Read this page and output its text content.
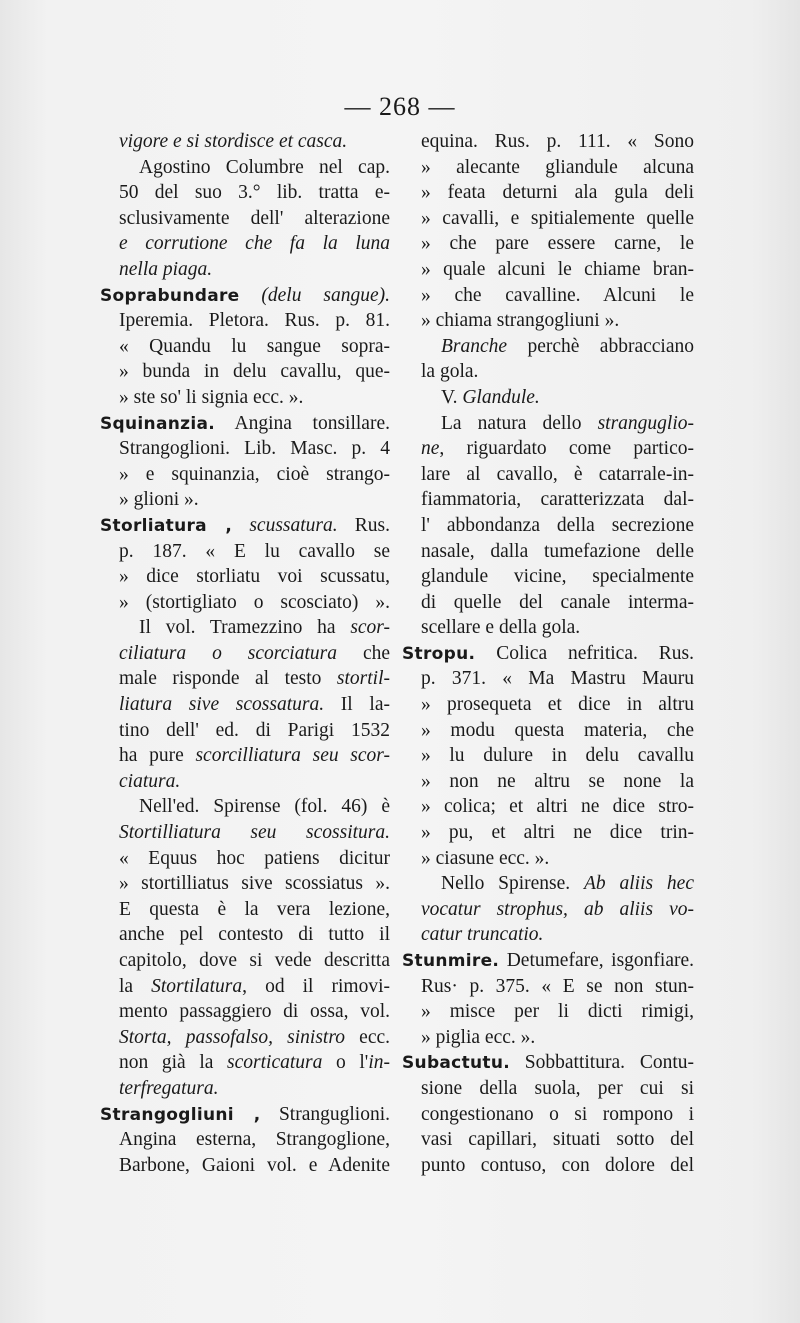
— 268 —
vigore e si stordisce et casca.
Agostino Columbre nel cap.
50 del suo 3.° lib. tratta e-
sclusivamente dell' alterazione
e corrutione che fa la luna
nella piaga.
Soprabundare (delu sangue).
Iperemia. Pletora. Rus. p. 81.
« Quandu lu sangue sopra-
» bunda in delu cavallu, que-
» ste so' li signia ecc. ».
Squinanzia. Angina tonsillare.
Strangoglioni. Lib. Masc. p. 4
» e squinanzia, cioè strango-
» glioni ».
Storliatura , scussatura. Rus.
p. 187. « E lu cavallo se
» dice storliatu voi scussatu,
» (stortigliato o scosciato) ».
Il vol. Tramezzino ha scor-
ciliatura o scorciatura che
male risponde al testo stortil-
liatura sive scossatura. Il la-
tino dell' ed. di Parigi 1532
ha pure scorcilliatura seu scor-
ciatura.
Nell'ed. Spirense (fol. 46) è
Stortilliatura seu scossitura.
« Equus hoc patiens dicitur
» stortilliatus sive scossiatus ».
E questa è la vera lezione,
anche pel contesto di tutto il
capitolo, dove si vede descritta
la Stortilatura, od il rimovi-
mento passaggiero di ossa, vol.
Storta, passofalso, sinistro ecc.
non già la scorticatura o l'in-
terfregatura.
Strangogliuni , Stranguglioni.
Angina esterna, Strangoglione,
Barbone, Gaioni vol. e Adenite
equina. Rus. p. 111. « Sono
» alecante gliandule alcuna
» feata deturni ala gula deli
» cavalli, e spitialemente quelle
» che pare essere carne, le
» quale alcuni le chiame bran-
» che cavalline. Alcuni le
» chiama strangogliuni ».
Branche perchè abbracciano
la gola.
V. Glandule.
La natura dello stranguglio-
ne, riguardato come partico-
lare al cavallo, è catarrale-in-
fiammatoria, caratterizzata dal-
l' abbondanza della secrezione
nasale, dalla tumefazione delle
glandule vicine, specialmente
di quelle del canale interma-
scellare e della gola.
Stropu. Colica nefritica. Rus.
p. 371. « Ma Mastru Mauru
» prosequeta et dice in altru
» modu questa materia, che
» lu dulure in delu cavallu
» non ne altru se none la
» colica; et altri ne dice stro-
» pu, et altri ne dice trin-
» ciasune ecc. ».
Nello Spirense. Ab aliis hec
vocatur strophus, ab aliis vo-
catur truncatio.
Stunmire. Detumefare, isgonfiare.
Rus· p. 375. « E se non stun-
» misce per li dicti rimigi,
» piglia ecc. ».
Subactutu. Sobbattitura. Contu-
sione della suola, per cui si
congestionano o si rompono i
vasi capillari, situati sotto del
punto contuso, con dolore del
